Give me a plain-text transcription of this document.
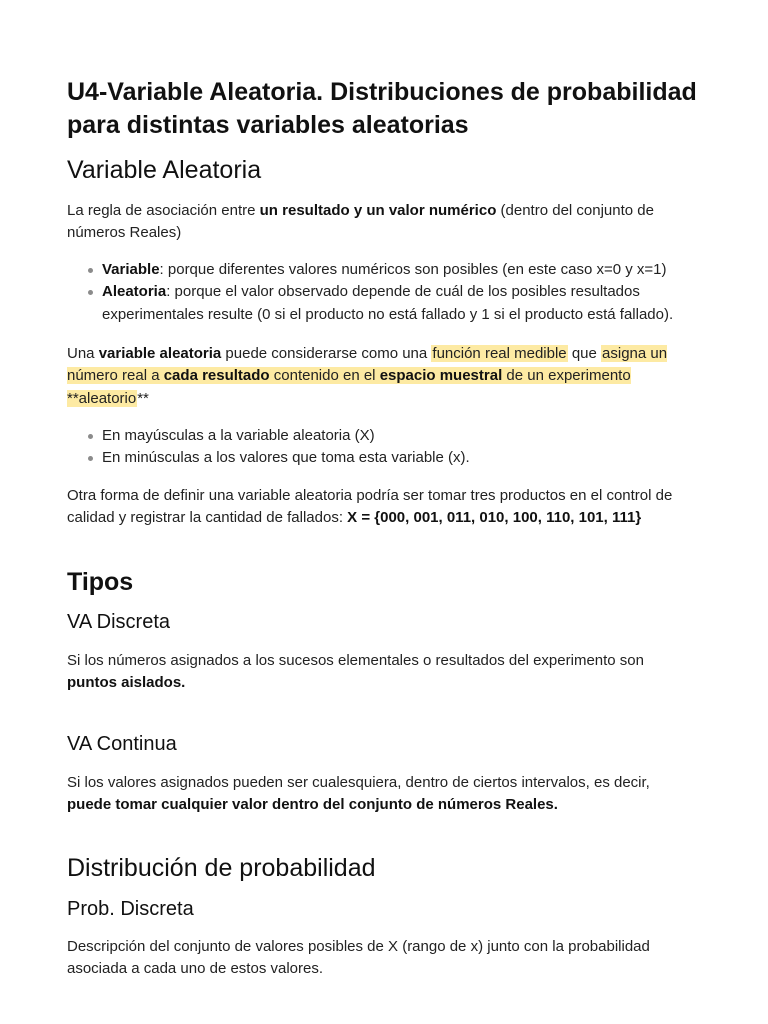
U4-Variable Aleatoria. Distribuciones de probabilidad para distintas variables aleatorias
Variable Aleatoria

La regla de asociación entre un resultado y un valor numérico (dentro del conjunto de números Reales)

Variable: porque diferentes valores numéricos son posibles (en este caso x=0 y x=1)
Aleatoria: porque el valor observado depende de cuál de los posibles resultados experimentales resulte (0 si el producto no está fallado y 1 si el producto está fallado).

Una variable aleatoria puede considerarse como una función real medible que asigna un número real a cada resultado contenido en el espacio muestral de un experimento **aleatorio**

En mayúsculas a la variable aleatoria (X)
En minúsculas a los valores que toma esta variable (x).

Otra forma de definir una variable aleatoria podría ser tomar tres productos en el control de calidad y registrar la cantidad de fallados: X = {000, 001, 011, 010, 100, 110, 101, 111}

Tipos
VA Discreta

Si los números asignados a los sucesos elementales o resultados del experimento son puntos aislados.

VA Continua

Si los valores asignados pueden ser cualesquiera, dentro de ciertos intervalos, es decir, puede tomar cualquier valor dentro del conjunto de números Reales.

Distribución de probabilidad
Prob. Discreta

Descripción del conjunto de valores posibles de X (rango de x) junto con la probabilidad asociada a cada uno de estos valores.
